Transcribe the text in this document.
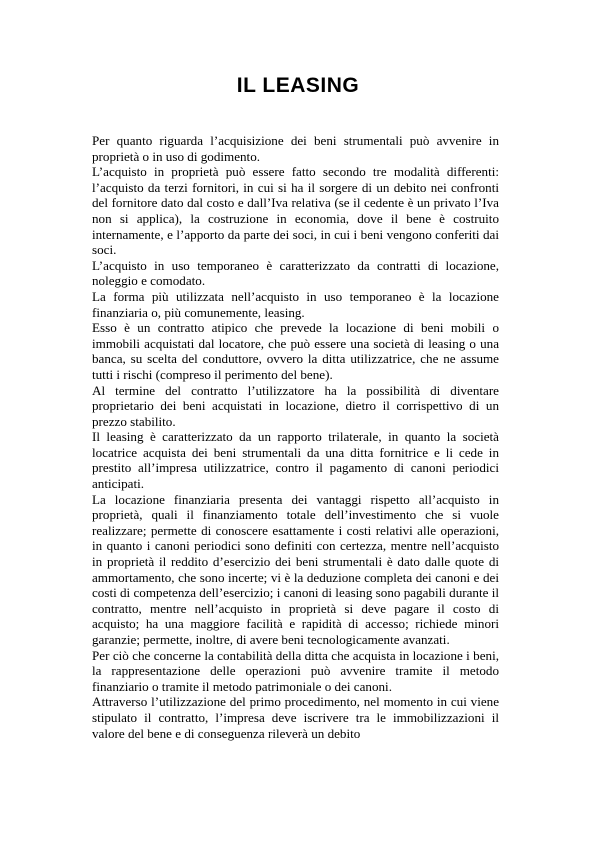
IL LEASING

Per quanto riguarda l’acquisizione dei beni strumentali può avvenire in proprietà o in uso di godimento.

L’acquisto in proprietà può essere fatto secondo tre modalità differenti: l’acquisto da terzi fornitori, in cui si ha il sorgere di un debito nei confronti del fornitore dato dal costo e dall’Iva relativa (se il cedente è un privato l’Iva non si applica), la costruzione in economia, dove il bene è costruito internamente, e l’apporto da parte dei soci, in cui i beni vengono conferiti dai soci.

L’acquisto in uso temporaneo è caratterizzato da contratti di locazione, noleggio e comodato.

La forma più utilizzata nell’acquisto in uso temporaneo è la locazione finanziaria o, più comunemente, leasing.

Esso è un contratto atipico che prevede la locazione di beni mobili o immobili acquistati dal locatore, che può essere una società di leasing o una banca, su scelta del conduttore, ovvero la ditta utilizzatrice, che ne assume tutti i rischi (compreso il perimento del bene).

Al termine del contratto l’utilizzatore ha la possibilità di diventare proprietario dei beni acquistati in locazione, dietro il corrispettivo di un prezzo stabilito.

Il leasing è caratterizzato da un rapporto trilaterale, in quanto la società locatrice acquista dei beni strumentali da una ditta fornitrice e li cede in prestito all’impresa utilizzatrice, contro il pagamento di canoni periodici anticipati.

La locazione finanziaria presenta dei vantaggi rispetto all’acquisto in proprietà, quali il finanziamento totale dell’investimento che si vuole realizzare; permette di conoscere esattamente i costi relativi alle operazioni, in quanto i canoni periodici sono definiti con certezza, mentre nell’acquisto in proprietà il reddito d’esercizio dei beni strumentali è dato dalle quote di ammortamento, che sono incerte; vi è la deduzione completa dei canoni e dei costi di competenza dell’esercizio; i canoni di leasing sono pagabili durante il contratto, mentre nell’acquisto in proprietà si deve pagare il costo di acquisto; ha una maggiore facilità e rapidità di accesso; richiede minori garanzie; permette, inoltre, di avere beni tecnologicamente avanzati.

Per ciò che concerne la contabilità della ditta che acquista in locazione i beni, la rappresentazione delle operazioni può avvenire tramite il metodo finanziario o tramite il metodo patrimoniale o dei canoni.

Attraverso l’utilizzazione del primo procedimento, nel momento in cui viene stipulato il contratto, l’impresa deve iscrivere tra le immobilizzazioni il valore del bene e di conseguenza rileverà un debito
